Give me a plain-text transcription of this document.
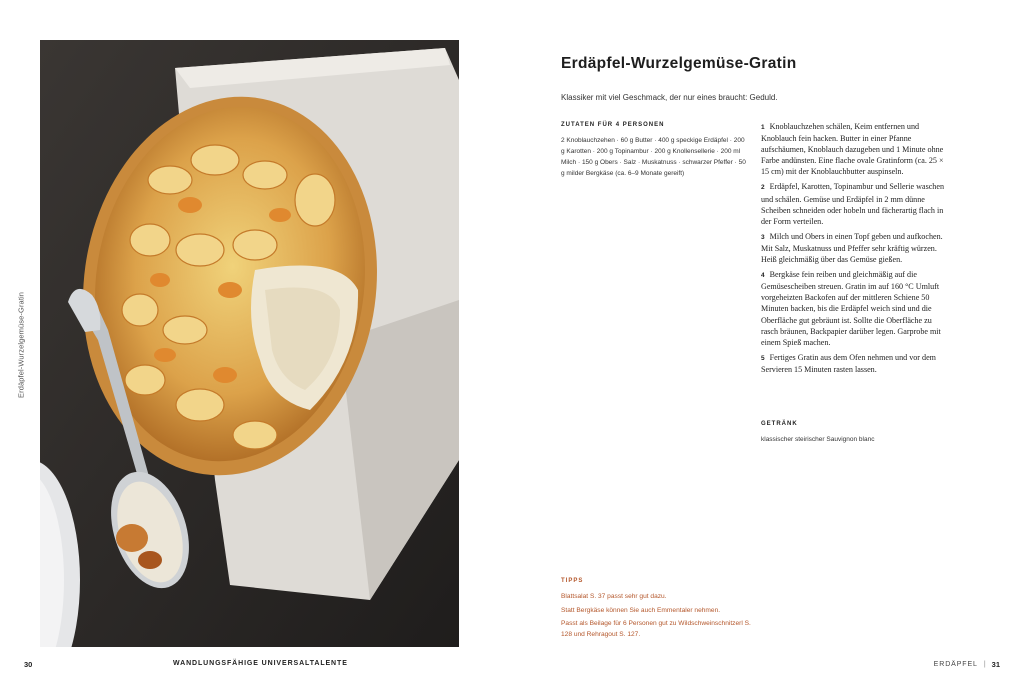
Erdäpfel-Wurzelgemüse-Gratin
30	WANDLUNGSFÄHIGE UNIVERSALTALENTE
Erdäpfel-Wurzelgemüse-Gratin
Klassiker mit viel Geschmack, der nur eines braucht: Geduld.
ZUTATEN FÜR 4 PERSONEN
2 Knoblauchzehen · 60 g Butter · 400 g speckige Erdäpfel · 200 g Karotten · 200 g Topinambur · 200 g Knollensellerie · 200 ml Milch · 150 g Obers · Salz · Muskatnuss · schwarzer Pfeffer · 50 g milder Bergkäse (ca. 6–9 Monate gereift)

1 Knoblauchzehen schälen, Keim entfernen und Knoblauch fein hacken. Butter in einer Pfanne aufschäumen, Knoblauch dazugeben und 1 Minute ohne Farbe andünsten. Eine flache ovale Gratinform (ca. 25 × 15 cm) mit der Knoblauchbutter auspinseln.

2 Erdäpfel, Karotten, Topinambur und Sellerie waschen und schälen. Gemüse und Erdäpfel in 2 mm dünne Scheiben schneiden oder hobeln und fächerartig flach in der Form verteilen.

3 Milch und Obers in einen Topf geben und aufkochen. Mit Salz, Muskatnuss und Pfeffer sehr kräftig würzen. Heiß gleichmäßig über das Gemüse gießen.

4 Bergkäse fein reiben und gleichmäßig auf die Gemüsescheiben streuen. Gratin im auf 160 °C Umluft vorgeheizten Backofen auf der mittleren Schiene 50 Minuten backen, bis die Erdäpfel weich sind und die Oberfläche gut gebräunt ist. Sollte die Oberfläche zu rasch bräunen, Backpapier darüber legen. Garprobe mit einem Spieß machen.

5 Fertiges Gratin aus dem Ofen nehmen und vor dem Servieren 15 Minuten rasten lassen.

GETRÄNK
klassischer steirischer Sauvignon blanc
TIPPS

Blattsalat S. 37 passt sehr gut dazu.

Statt Bergkäse können Sie auch Emmentaler nehmen.

Passt als Beilage für 6 Personen gut zu Wildschweinschnitzerl S. 128 und Rehragout S. 127.

ERDÄPFEL | 31
